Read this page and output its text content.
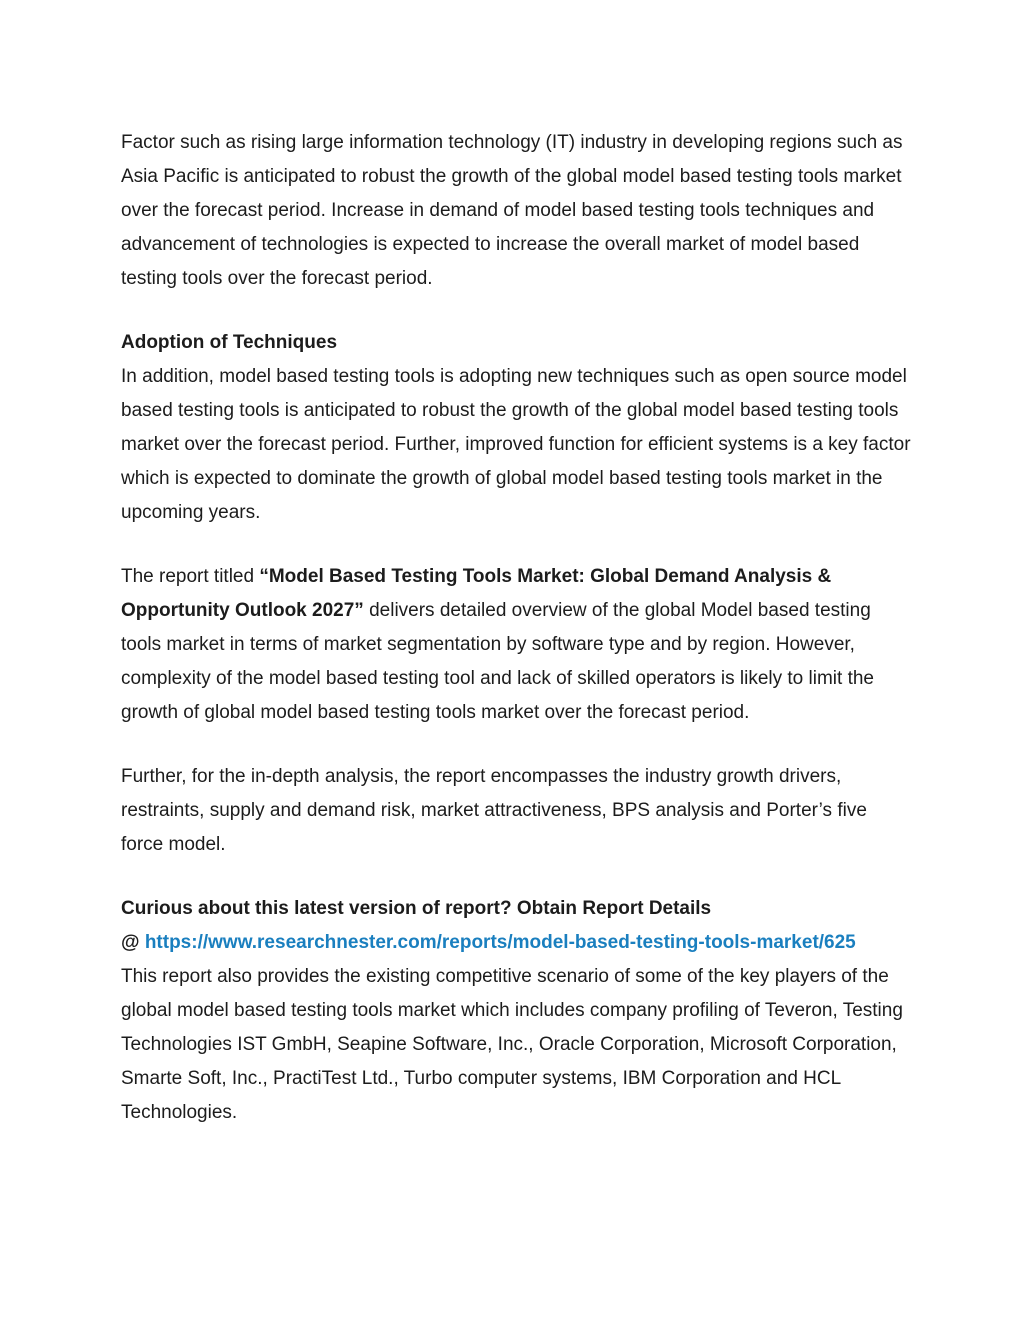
Factor such as rising large information technology (IT) industry in developing regions such as Asia Pacific is anticipated to robust the growth of the global model based testing tools market over the forecast period. Increase in demand of model based testing tools techniques and advancement of technologies is expected to increase the overall market of model based testing tools over the forecast period.

Adoption of Techniques

In addition, model based testing tools is adopting new techniques such as open source model based testing tools is anticipated to robust the growth of the global model based testing tools market over the forecast period. Further, improved function for efficient systems is a key factor which is expected to dominate the growth of global model based testing tools market in the upcoming years.

The report titled “Model Based Testing Tools Market: Global Demand Analysis & Opportunity Outlook 2027” delivers detailed overview of the global Model based testing tools market in terms of market segmentation by software type and by region. However, complexity of the model based testing tool and lack of skilled operators is likely to limit the growth of global model based testing tools market over the forecast period.

Further, for the in-depth analysis, the report encompasses the industry growth drivers, restraints, supply and demand risk, market attractiveness, BPS analysis and Porter’s five force model.

Curious about this latest version of report? Obtain Report Details

@ https://www.researchnester.com/reports/model-based-testing-tools-market/625

This report also provides the existing competitive scenario of some of the key players of the global model based testing tools market which includes company profiling of Teveron, Testing Technologies IST GmbH, Seapine Software, Inc., Oracle Corporation, Microsoft Corporation, Smarte Soft, Inc., PractiTest Ltd., Turbo computer systems, IBM Corporation and HCL Technologies.
